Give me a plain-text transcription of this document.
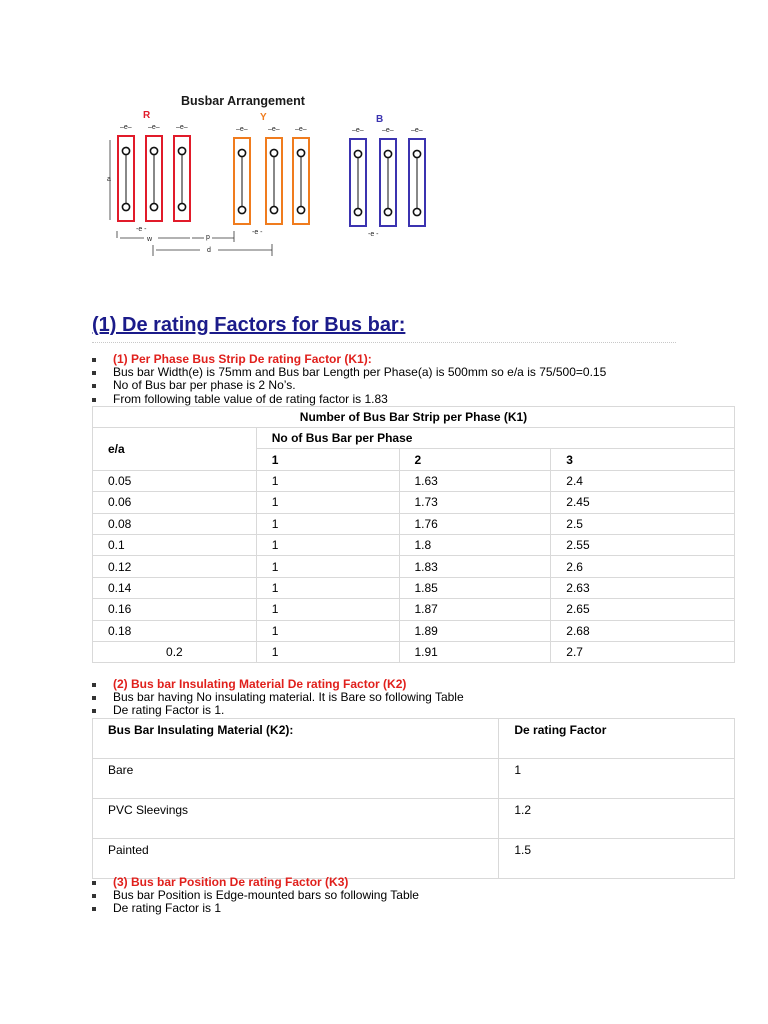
Busbar Arrangement
R	Y	B
a
w	p
d
–e– –e– –e–
-e -
–e–	–e– –e–
-e -
–e–	–e– –e–
-e -
(1) De rating Factors for Bus bar:
(1) Per Phase Bus Strip De rating Factor (K1):
Bus bar Width(e) is 75mm and Bus bar Length per Phase(a) is 500mm so e/a is 75/500=0.15
No of Bus bar per phase is 2 No’s.
From following table value of de rating factor is 1.83
Number of Bus Bar Strip per Phase (K1)			
e/a	No of Bus Bar per Phase		
	1	2	3
0.05	1	1.63	2.4
0.06	1	1.73	2.45
0.08	1	1.76	2.5
0.1	1	1.8	2.55
0.12	1	1.83	2.6
0.14	1	1.85	2.63
0.16	1	1.87	2.65
0.18	1	1.89	2.68
0.2	1	1.91	2.7
(2) Bus bar Insulating Material De rating Factor (K2)
Bus bar having No insulating material. It is Bare so following Table
De rating Factor is 1.
Bus Bar Insulating Material (K2):	De rating Factor
Bare	1
PVC Sleevings	1.2
Painted	1.5
(3) Bus bar Position De rating Factor (K3)
Bus bar Position is Edge-mounted bars so following Table
De rating Factor is 1
